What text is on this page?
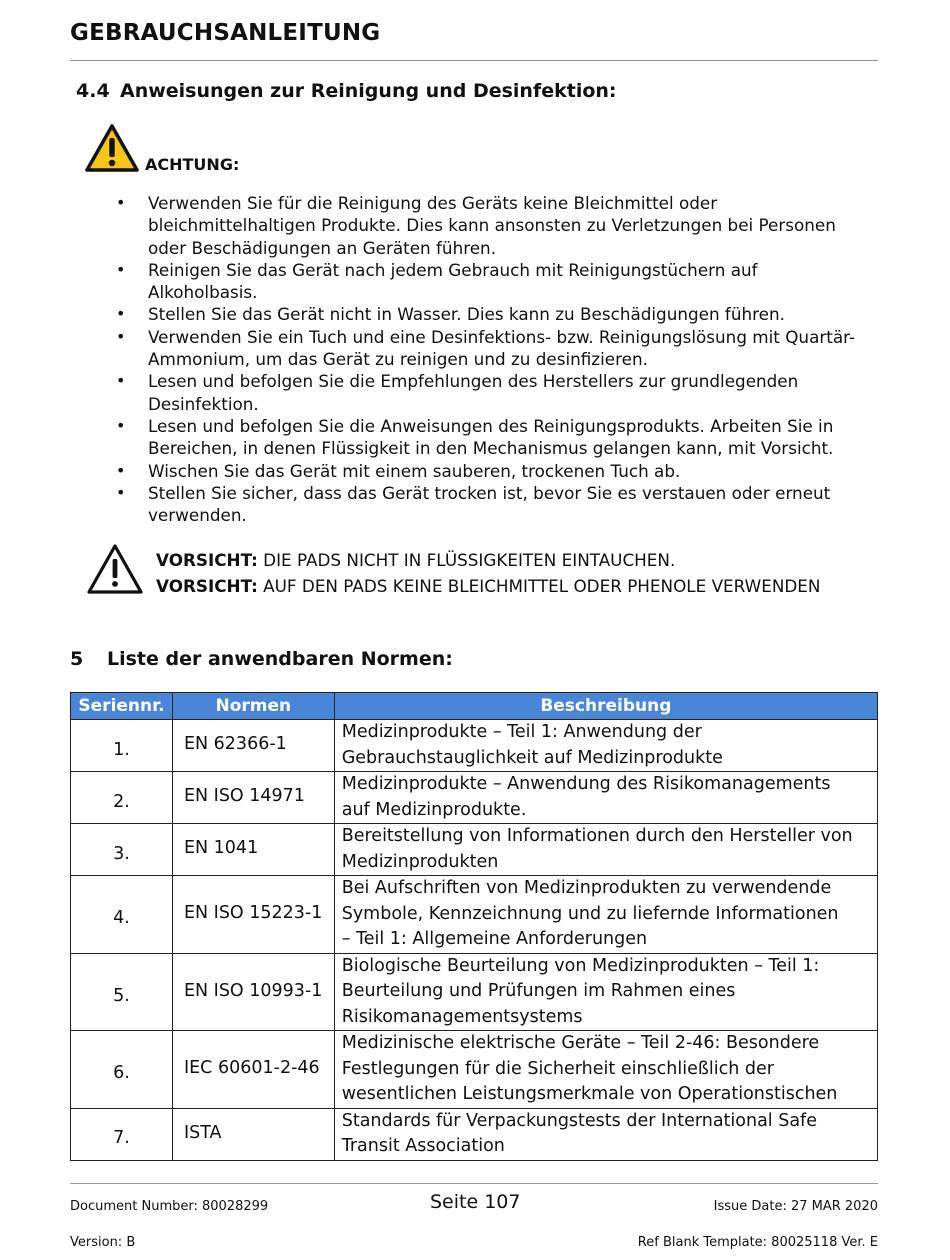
GEBRAUCHSANLEITUNG
4.4 Anweisungen zur Reinigung und Desinfektion:
ACHTUNG:
• Verwenden Sie für die Reinigung des Geräts keine Bleichmittel oder bleichmittelhaltigen Produkte. Dies kann ansonsten zu Verletzungen bei Personen oder Beschädigungen an Geräten führen.
• Reinigen Sie das Gerät nach jedem Gebrauch mit Reinigungstüchern auf Alkoholbasis.
• Stellen Sie das Gerät nicht in Wasser. Dies kann zu Beschädigungen führen.
• Verwenden Sie ein Tuch und eine Desinfektions- bzw. Reinigungslösung mit Quartär-Ammonium, um das Gerät zu reinigen und zu desinfizieren.
• Lesen und befolgen Sie die Empfehlungen des Herstellers zur grundlegenden Desinfektion.
• Lesen und befolgen Sie die Anweisungen des Reinigungsprodukts. Arbeiten Sie in Bereichen, in denen Flüssigkeit in den Mechanismus gelangen kann, mit Vorsicht.
• Wischen Sie das Gerät mit einem sauberen, trockenen Tuch ab.
• Stellen Sie sicher, dass das Gerät trocken ist, bevor Sie es verstauen oder erneut verwenden.
VORSICHT: DIE PADS NICHT IN FLÜSSIGKEITEN EINTAUCHEN.
VORSICHT: AUF DEN PADS KEINE BLEICHMITTEL ODER PHENOLE VERWENDEN
5 Liste der anwendbaren Normen:
Seriennr.	Normen	Beschreibung
1.	EN 62366-1	Medizinprodukte – Teil 1: Anwendung der
Gebrauchstauglichkeit auf Medizinprodukte

2.	EN ISO 14971	Medizinprodukte – Anwendung des Risikomanagements
auf Medizinprodukte.

3.	EN 1041	Bereitstellung von Informationen durch den Hersteller von
Medizinprodukten

4.	EN ISO 15223-1	Bei Aufschriften von Medizinprodukten zu verwendende
Symbole, Kennzeichnung und zu liefernde Informationen
– Teil 1: Allgemeine Anforderungen

5.	EN ISO 10993-1	Biologische Beurteilung von Medizinprodukten – Teil 1:
Beurteilung und Prüfungen im Rahmen eines
Risikomanagementsystems

6.	IEC 60601-2-46	Medizinische elektrische Geräte – Teil 2-46: Besondere
Festlegungen für die Sicherheit einschließlich der
wesentlichen Leistungsmerkmale von Operationstischen

7.	ISTA	Standards für Verpackungstests der International Safe
Transit Association
Document Number: 80028299	Seite 107	Issue Date: 27 MAR 2020
Version: B	Ref Blank Template: 80025118 Ver. E
